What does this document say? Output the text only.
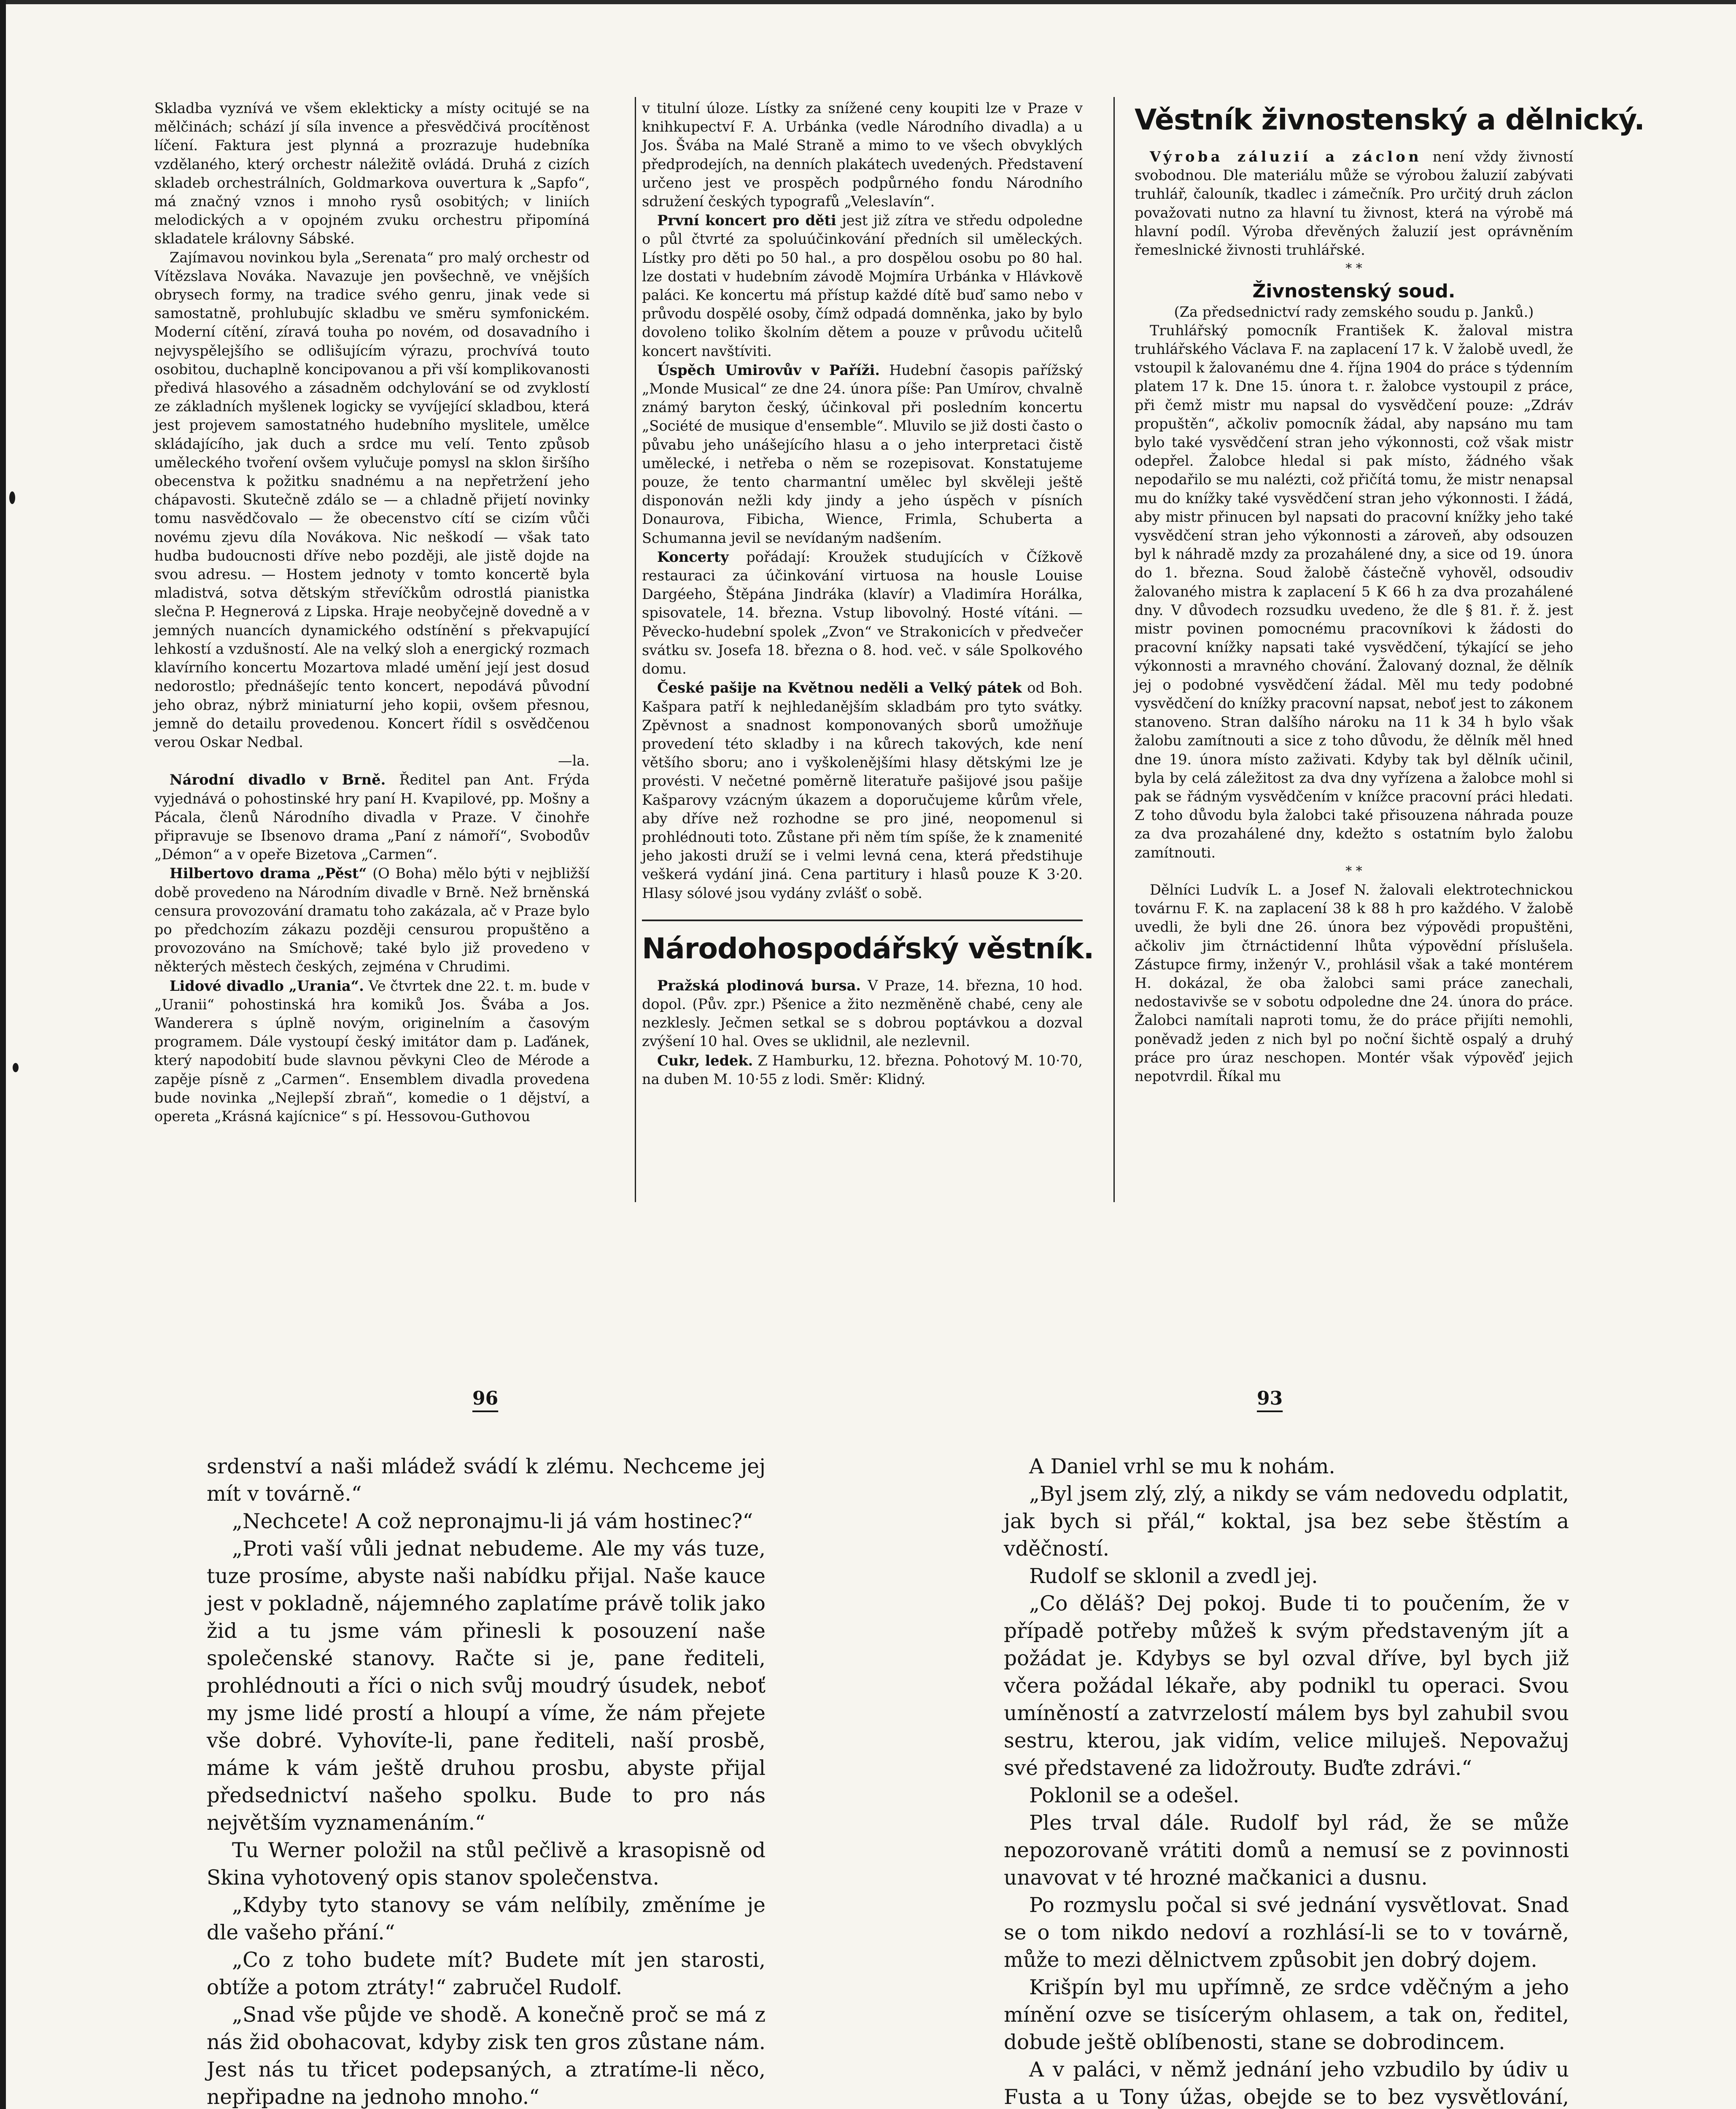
Skladba vyznívá ve všem eklekticky a místy ocitujé se na mělčinách; schází jí síla invence a přesvědčivá procítěnost líčení. Faktura jest plynná a prozrazuje hudebníka vzdělaného, který orchestr náležitě ovládá. Druhá z cizích skladeb orchestrálních, Goldmarkova ouvertura k „Sapfo“, má značný vznos i mnoho rysů osobitých; v liniích melodických a v opojném zvuku orchestru připomíná skladatele královny Sábské.

Zajímavou novinkou byla „Serenata“ pro malý orchestr od Vítězslava Nováka. Navazuje jen povšechně, ve vnějších obrysech formy, na tradice svého genru, jinak vede si samostatně, prohlubujíc skladbu ve směru symfonickém. Moderní cítění, zíravá touha po novém, od dosavadního i nejvyspělejšího se odlišujícím výrazu, prochvívá touto osobitou, duchaplně koncipovanou a při vší komplikovanosti předivá hlasového a zásadněm odchylování se od zvyklostí ze základních myšlenek logicky se vyvíjející skladbou, která jest projevem samostatného hudebního myslitele, umělce skládajícího, jak duch a srdce mu velí. Tento způsob uměleckého tvoření ovšem vylučuje pomysl na sklon širšího obecenstva k požitku snadnému a na nepřetržení jeho chápavosti. Skutečně zdálo se — a chladně přijetí novinky tomu nasvědčovalo — že obecenstvo cítí se cizím vůči novému zjevu díla Novákova. Nic neškodí — však tato hudba budoucnosti dříve nebo později, ale jistě dojde na svou adresu. — Hostem jednoty v tomto koncertě byla mladistvá, sotva dětským střevíčkům odrostlá pianistka slečna P. Hegnerová z Lipska. Hraje neobyčejně dovedně a v jemných nuancích dynamického odstínění s překvapující lehkostí a vzdušností. Ale na velký sloh a energický rozmach klavírního koncertu Mozartova mladé umění její jest dosud nedorostlo; přednášejíc tento koncert, nepodává původní jeho obraz, nýbrž miniaturní jeho kopii, ovšem přesnou, jemně do detailu provedenou. Koncert řídil s osvědčenou verou Oskar Nedbal.

—la.

Národní divadlo v Brně. Ředitel pan Ant. Frýda vyjednává o pohostinské hry paní H. Kvapilové, pp. Mošny a Pácala, členů Národního divadla v Praze. V činohře připravuje se Ibsenovo drama „Paní z námoří“, Svobodův „Démon“ a v opeře Bizetova „Carmen“.

Hilbertovo drama „Pěst“ (O Boha) mělo býti v nejbližší době provedeno na Národním divadle v Brně. Než brněnská censura provozování dramatu toho zakázala, ač v Praze bylo po předchozím zákazu později censurou propuštěno a provozováno na Smíchově; také bylo již provedeno v některých městech českých, zejména v Chrudimi.

Lidové divadlo „Urania“. Ve čtvrtek dne 22. t. m. bude v „Uranii“ pohostinská hra komiků Jos. Švába a Jos. Wanderera s úplně novým, originelním a časovým programem. Dále vystoupí český imitátor dam p. Laďánek, který napodobití bude slavnou pěvkyni Cleo de Mérode a zapěje písně z „Carmen“. Ensemblem divadla provedena bude novinka „Nejlepší zbraň“, komedie o 1 dějství, a opereta „Krásná kajícnice“ s pí. Hessovou-Guthovou

v titulní úloze. Lístky za snížené ceny koupiti lze v Praze v knihkupectví F. A. Urbánka (vedle Národního divadla) a u Jos. Švába na Malé Straně a mimo to ve všech obvyklých předprodejích, na denních plakátech uvedených. Představení určeno jest ve prospěch podpůrného fondu Národního sdružení českých typografů „Veleslavín“.

První koncert pro děti jest již zítra ve středu odpoledne o půl čtvrté za spoluúčinkování předních sil uměleckých. Lístky pro děti po 50 hal., a pro dospělou osobu po 80 hal. lze dostati v hudebním závodě Mojmíra Urbánka v Hlávkově paláci. Ke koncertu má přístup každé dítě buď samo nebo v průvodu dospělé osoby, čímž odpadá domněnka, jako by bylo dovoleno toliko školním dětem a pouze v průvodu učitelů koncert navštíviti.

Úspěch Umirovův v Paříži. Hudební časopis pařížský „Monde Musical“ ze dne 24. února píše: Pan Umírov, chvalně známý baryton český, účinkoval při posledním koncertu „Société de musique d'ensemble“. Mluvilo se již dosti často o půvabu jeho unášejícího hlasu a o jeho interpretaci čistě umělecké, i netřeba o něm se rozepisovat. Konstatujeme pouze, že tento charmantní umělec byl skvěleji ještě disponován nežli kdy jindy a jeho úspěch v písních Donaurova, Fibicha, Wience, Frimla, Schuberta a Schumanna jevil se nevídaným nadšením.

Koncerty pořádají: Kroužek studujících v Čížkově restauraci za účinkování virtuosa na housle Louise Dargéeho, Štěpána Jindráka (klavír) a Vladimíra Horálka, spisovatele, 14. března. Vstup libovolný. Hosté vítáni. — Pěvecko-hudební spolek „Zvon“ ve Strakonicích v předvečer svátku sv. Josefa 18. března o 8. hod. več. v sále Spolkového domu.

České pašije na Květnou neděli a Velký pátek od Boh. Kašpara patří k nejhledanějším skladbám pro tyto svátky. Zpěvnost a snadnost komponovaných sborů umožňuje provedení této skladby i na kůrech takových, kde není většího sboru; ano i vyškolenějšími hlasy dětskými lze je provésti. V nečetné poměrně literatuře pašijové jsou pašije Kašparovy vzácným úkazem a doporučujeme kůrům vřele, aby dříve než rozhodne se pro jiné, neopomenul si prohlédnouti toto. Zůstane při něm tím spíše, že k znamenité jeho jakosti druží se i velmi levná cena, která předstihuje veškerá vydání jiná. Cena partitury i hlasů pouze K 3·20. Hlasy sólové jsou vydány zvlášť o sobě.

Národohospodářský věstník.

Pražská plodinová bursa. V Praze, 14. března, 10 hod. dopol. (Pův. zpr.) Pšenice a žito nezměněně chabé, ceny ale nezklesly. Ječmen setkal se s dobrou poptávkou a dozval zvýšení 10 hal. Oves se uklidnil, ale nezlevnil.

Cukr, ledek. Z Hamburku, 12. března. Pohotový M. 10·70, na duben M. 10·55 z lodi. Směr: Klidný.

Věstník živnostenský a dělnický.

Výroba záluzií a záclon není vždy živností svobodnou. Dle materiálu může se výrobou žaluzií zabývati truhlář, čalouník, tkadlec i zámečník. Pro určitý druh záclon považovati nutno za hlavní tu živnost, která na výrobě má hlavní podíl. Výroba dřevěných žaluzií jest oprávněním řemeslnické živnosti truhlářské.

* *

Živnostenský soud.

(Za předsednictví rady zemského soudu p. Janků.)

Truhlářský pomocník František K. žaloval mistra truhlářského Václava F. na zaplacení 17 k. V žalobě uvedl, že vstoupil k žalovanému dne 4. října 1904 do práce s týdenním platem 17 k. Dne 15. února t. r. žalobce vystoupil z práce, při čemž mistr mu napsal do vysvědčení pouze: „Zdráv propuštěn“, ačkoliv pomocník žádal, aby napsáno mu tam bylo také vysvědčení stran jeho výkonnosti, což však mistr odepřel. Žalobce hledal si pak místo, žádného však nepodařilo se mu nalézti, což přičítá tomu, že mistr nenapsal mu do knížky také vysvědčení stran jeho výkonnosti. I žádá, aby mistr přinucen byl napsati do pracovní knížky jeho také vysvědčení stran jeho výkonnosti a zároveň, aby odsouzen byl k náhradě mzdy za prozahálené dny, a sice od 19. února do 1. března. Soud žalobě částečně vyhověl, odsoudiv žalovaného mistra k zaplacení 5 K 66 h za dva prozahálené dny. V důvodech rozsudku uvedeno, že dle § 81. ř. ž. jest mistr povinen pomocnému pracovníkovi k žádosti do pracovní knížky napsati také vysvědčení, týkající se jeho výkonnosti a mravného chování. Žalovaný doznal, že dělník jej o podobné vysvědčení žádal. Měl mu tedy podobné vysvědčení do knížky pracovní napsat, neboť jest to zákonem stanoveno. Stran dalšího nároku na 11 k 34 h bylo však žalobu zamítnouti a sice z toho důvodu, že dělník měl hned dne 19. února místo zaživati. Kdyby tak byl dělník učinil, byla by celá záležitost za dva dny vyřízena a žalobce mohl si pak se řádným vysvědčením v knížce pracovní práci hledati. Z toho důvodu byla žalobci také přisouzena náhrada pouze za dva prozahálené dny, kdežto s ostatním bylo žalobu zamítnouti.

* *

Dělníci Ludvík L. a Josef N. žalovali elektrotechnickou továrnu F. K. na zaplacení 38 k 88 h pro každého. V žalobě uvedli, že byli dne 26. února bez výpovědi propuštěni, ačkoliv jim čtrnáctidenní lhůta výpovědní příslušela. Zástupce firmy, inženýr V., prohlásil však a také montérem H. dokázal, že oba žalobci sami práce zanechali, nedostavivše se v sobotu odpoledne dne 24. února do práce. Žalobci namítali naproti tomu, že do práce přijíti nemohli, poněvadž jeden z nich byl po noční šichtě ospalý a druhý práce pro úraz neschopen. Montér však výpověď jejich nepotvrdil. Říkal mu

96	93

srdenství a naši mládež svádí k zlému. Nechceme jej mít v továrně.“

„Nechcete! A což nepronajmu-li já vám hostinec?“

„Proti vaší vůli jednat nebudeme. Ale my vás tuze, tuze prosíme, abyste naši nabídku přijal. Naše kauce jest v pokladně, nájemného zaplatíme právě tolik jako žid a tu jsme vám přinesli k posouzení naše společenské stanovy. Račte si je, pane řediteli, prohlédnouti a říci o nich svůj moudrý úsudek, neboť my jsme lidé prostí a hloupí a víme, že nám přejete vše dobré. Vyhovíte-li, pane řediteli, naší prosbě, máme k vám ještě druhou prosbu, abyste přijal předsednictví našeho spolku. Bude to pro nás největším vyznamenáním.“

Tu Werner položil na stůl pečlivě a krasopisně od Skina vyhotovený opis stanov společenstva.

„Kdyby tyto stanovy se vám nelíbily, změníme je dle vašeho přání.“

„Co z toho budete mít? Budete mít jen starosti, obtíže a potom ztráty!“ zabručel Rudolf.

„Snad vše půjde ve shodě. A konečně proč se má z nás žid obohacovat, kdyby zisk ten gros zůstane nám. Jest nás tu třicet podepsaných, a ztratíme-li něco, nepřipadne na jednoho mnoho.“

A Daniel vrhl se mu k nohám.

„Byl jsem zlý, zlý, a nikdy se vám nedovedu odplatit, jak bych si přál,“ koktal, jsa bez sebe štěstím a vděčností.

Rudolf se sklonil a zvedl jej.

„Co děláš? Dej pokoj. Bude ti to poučením, že v případě potřeby můžeš k svým představeným jít a požádat je. Kdybys se byl ozval dříve, byl bych již včera požádal lékaře, aby podnikl tu operaci. Svou umíněností a zatvrzelostí málem bys byl zahubil svou sestru, kterou, jak vidím, velice miluješ. Nepovažuj své představené za lidožrouty. Buďte zdrávi.“

Poklonil se a odešel.

Ples trval dále. Rudolf byl rád, že se může nepozorovaně vrátiti domů a nemusí se z povinnosti unavovat v té hrozné mačkanici a dusnu.

Po rozmyslu počal si své jednání vysvětlovat. Snad se o tom nikdo nedoví a rozhlásí-li se to v továrně, může to mezi dělnictvem způsobit jen dobrý dojem.

Krišpín byl mu upřímně, ze srdce vděčným a jeho mínění ozve se tisícerým ohlasem, a tak on, ředitel, dobude ještě oblíbenosti, stane se dobrodincem.

A v paláci, v němž jednání jeho vzbudilo by údiv u Fusta a u Tony úžas, obejde se to bez vysvětlování,
